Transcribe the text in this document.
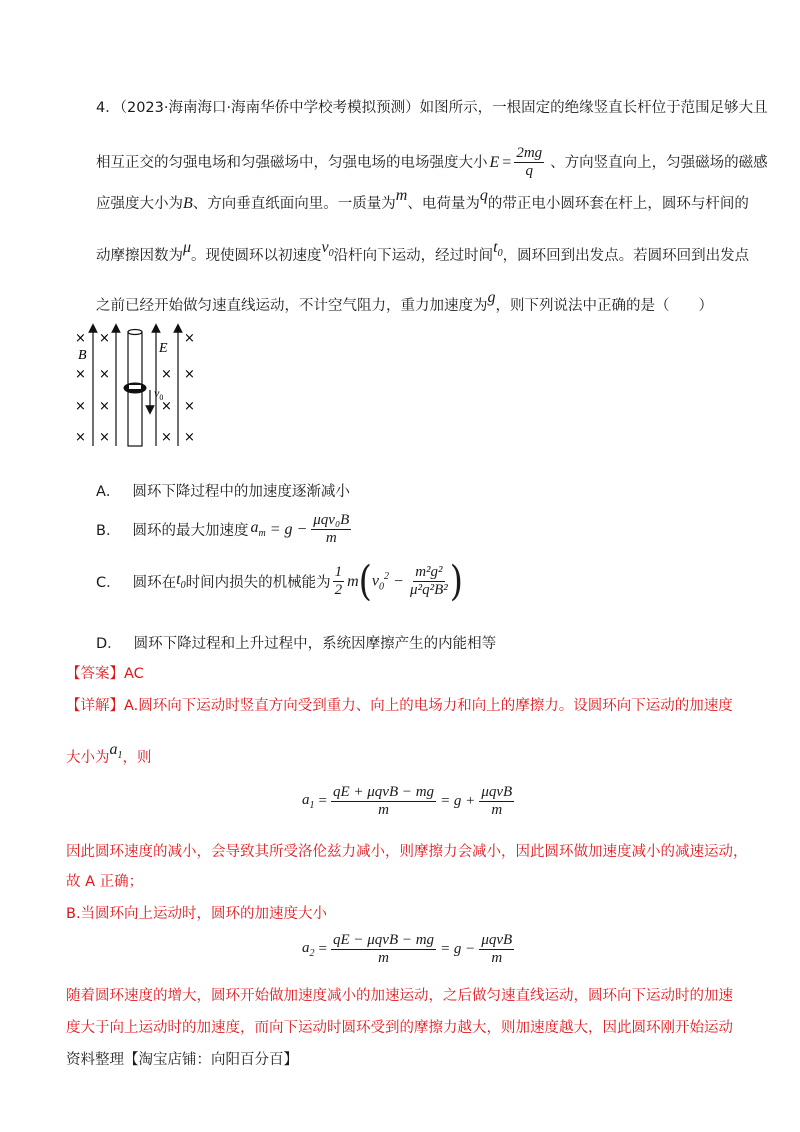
4．（2023·海南海口·海南华侨中学校考模拟预测）如图所示，一根固定的绝缘竖直长杆位于范围足够大且
相互正交的匀强电场和匀强磁场中，匀强电场的电场强度大小 $E = \frac{2mg}{q}$ 、方向竖直向上，匀强磁场的磁感
应强度大小为B、方向垂直纸面向里。一质量为m、电荷量为q的带正电小圆环套在杆上，圆环与杆间的
动摩擦因数为μ。现使圆环以初速度$v_0$沿杆向下运动，经过时间$t_0$，圆环回到出发点。若圆环回到出发点
之前已经开始做匀速直线运动，不计空气阻力，重力加速度为g，则下列说法中正确的是（　　）
$v_0$
B	E
×
×
×
×
×
×
×
×
×
×
×
×
×
×
×
A． 圆环下降过程中的加速度逐渐减小
B． 圆环的最大加速度 $a_m = g - \frac{\text{μqv₀B}}{m}$
C． 圆环在 $t_0$ 时间内损失的机械能为 $\frac{1}{2}$ m ( $v_0^2 - \frac{\text{m²g²}}{\text{μ²q²B²}}$ )
D． 圆环下降过程和上升过程中，系统因摩擦产生的内能相等
【答案】AC
【详解】A.圆环向下运动时竖直方向受到重力、向上的电场力和向上的摩擦力。设圆环向下运动的加速度
大小为$a_1$，则
$a_1 = \frac{\text{qE + μqvB − mg}}{m} = g + \frac{\text{μqvB}}{m}$
因此圆环速度的减小，会导致其所受洛伦兹力减小，则摩擦力会减小，因此圆环做加速度减小的减速运动，
故 A 正确；
B.当圆环向上运动时，圆环的加速度大小
$a_2 = \frac{\text{qE − μqvB − mg}}{m} = g - \frac{\text{μqvB}}{m}$
随着圆环速度的增大，圆环开始做加速度减小的加速运动，之后做匀速直线运动，圆环向下运动时的加速
度大于向上运动时的加速度，而向下运动时圆环受到的摩擦力越大，则加速度越大，因此圆环刚开始运动
资料整理【淘宝店铺：向阳百分百】
